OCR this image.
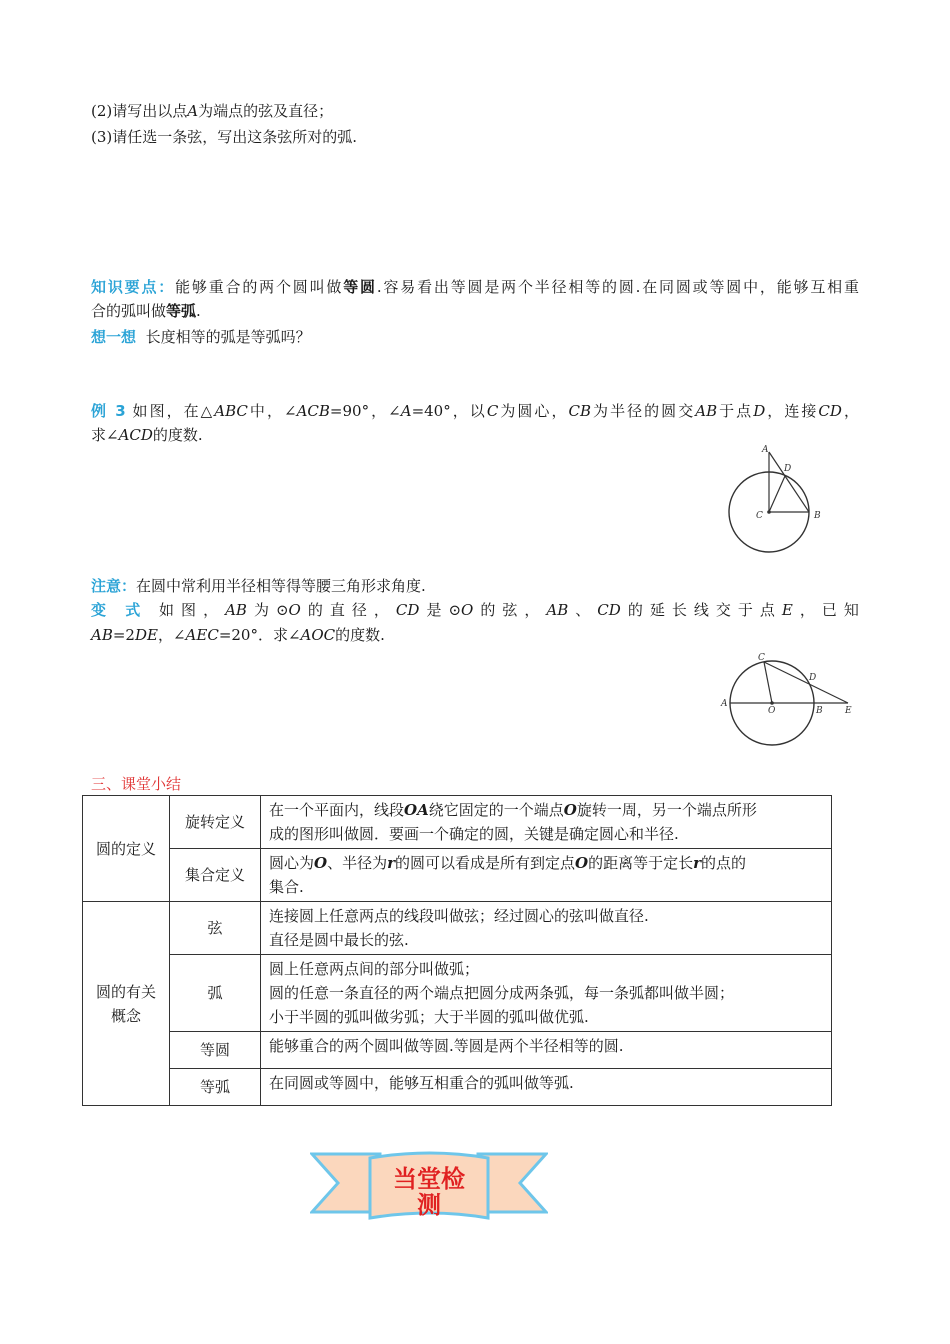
(2)请写出以点A为端点的弦及直径；
(3)请任选一条弦，写出这条弦所对的弧.
知识要点：能够重合的两个圆叫做等圆.容易看出等圆是两个半径相等的圆.在同圆或等圆中，能够互相重
合的弧叫做等弧.
想一想 长度相等的弧是等弧吗？
例 3 如图，在△ABC中，∠ACB=90°，∠A=40°，以C为圆心，CB为半径的圆交AB于点D，连接CD，
求∠ACD的度数.
A
D
C	B
注意：在圆中常利用半径相等得等腰三角形求角度.
变 式 如图，AB为⊙O的直径，CD是⊙O的弦，AB、CD的延长线交于点E，已知
AB=2DE，∠AEC=20°．求∠AOC的度数.
A
O	B E
C
D
三、课堂小结
圆的定义	旋转定义	在一个平面内，线段OA绕它固定的一个端点O旋转一周，另一个端点所形
成的图形叫做圆．要画一个确定的圆，关键是确定圆心和半径.
	集合定义	圆心为O、半径为r的圆可以看成是所有到定点O的距离等于定长r的点的
集合.
圆的有关
概念	弦	连接圆上任意两点的线段叫做弦；经过圆心的弦叫做直径.
直径是圆中最长的弦.
	弧	圆上任意两点间的部分叫做弧；
圆的任意一条直径的两个端点把圆分成两条弧，每一条弧都叫做半圆；
小于半圆的弧叫做劣弧；大于半圆的弧叫做优弧.
	等圆	能够重合的两个圆叫做等圆.等圆是两个半径相等的圆.
	等弧	在同圆或等圆中，能够互相重合的弧叫做等弧.
当堂检
测
